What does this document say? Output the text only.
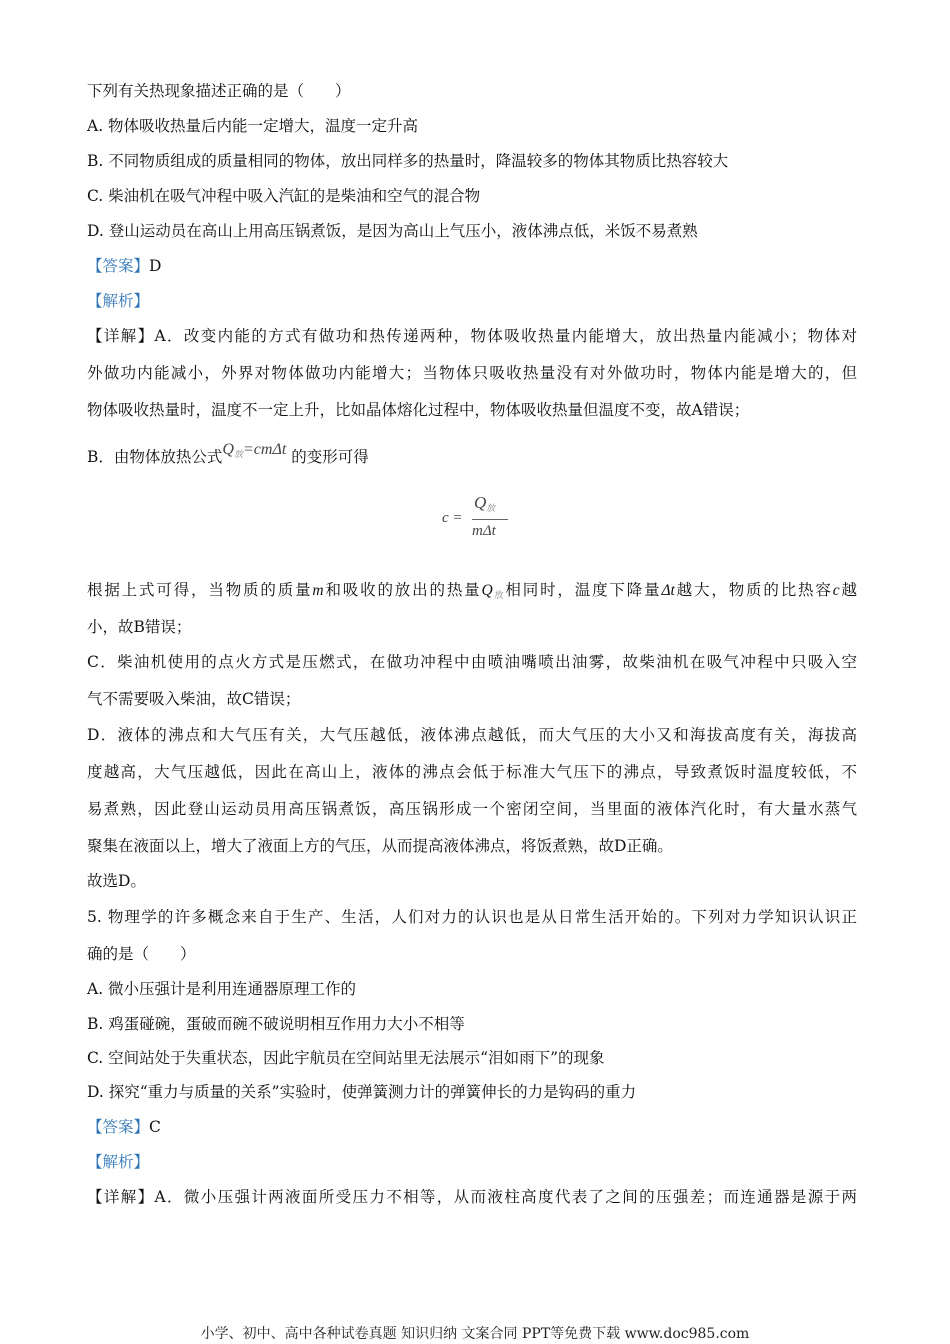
下列有关热现象描述正确的是（　　）
A. 物体吸收热量后内能一定增大，温度一定升高
B. 不同物质组成的质量相同的物体，放出同样多的热量时，降温较多的物体其物质比热容较大
C. 柴油机在吸气冲程中吸入汽缸的是柴油和空气的混合物
D. 登山运动员在高山上用高压锅煮饭，是因为高山上气压小，液体沸点低，米饭不易煮熟
【答案】D
【解析】
【详解】A．改变内能的方式有做功和热传递两种，物体吸收热量内能增大，放出热量内能减小；物体对
外做功内能减小，外界对物体做功内能增大；当物体只吸收热量没有对外做功时，物体内能是增大的，但
物体吸收热量时，温度不一定上升，比如晶体熔化过程中，物体吸收热量但温度不变，故A错误；
B．由物体放热公式$Q_放=cm\Delta t$ 的变形可得
c =
$Q_放$
mΔt
根据上式可得，当物质的质量m和吸收的放出的热量$Q_放$相同时，温度下降量Δt越大，物质的比热容c越
小，故B错误；
C．柴油机使用的点火方式是压燃式，在做功冲程中由喷油嘴喷出油雾，故柴油机在吸气冲程中只吸入空
气不需要吸入柴油，故C错误；
D．液体的沸点和大气压有关，大气压越低，液体沸点越低，而大气压的大小又和海拔高度有关，海拔高
度越高，大气压越低，因此在高山上，液体的沸点会低于标准大气压下的沸点，导致煮饭时温度较低，不
易煮熟，因此登山运动员用高压锅煮饭，高压锅形成一个密闭空间，当里面的液体汽化时，有大量水蒸气
聚集在液面以上，增大了液面上方的气压，从而提高液体沸点，将饭煮熟，故D正确。
故选D。
5. 物理学的许多概念来自于生产、生活，人们对力的认识也是从日常生活开始的。下列对力学知识认识正
确的是（　　）
A. 微小压强计是利用连通器原理工作的
B. 鸡蛋碰碗，蛋破而碗不破说明相互作用力大小不相等
C. 空间站处于失重状态，因此宇航员在空间站里无法展示“泪如雨下”的现象
D. 探究“重力与质量的关系”实验时，使弹簧测力计的弹簧伸长的力是钩码的重力
【答案】C
【解析】
【详解】A．微小压强计两液面所受压力不相等，从而液柱高度代表了之间的压强差；而连通器是源于两
小学、初中、高中各种试卷真题 知识归纳 文案合同 PPT等免费下载 www.doc985.com
